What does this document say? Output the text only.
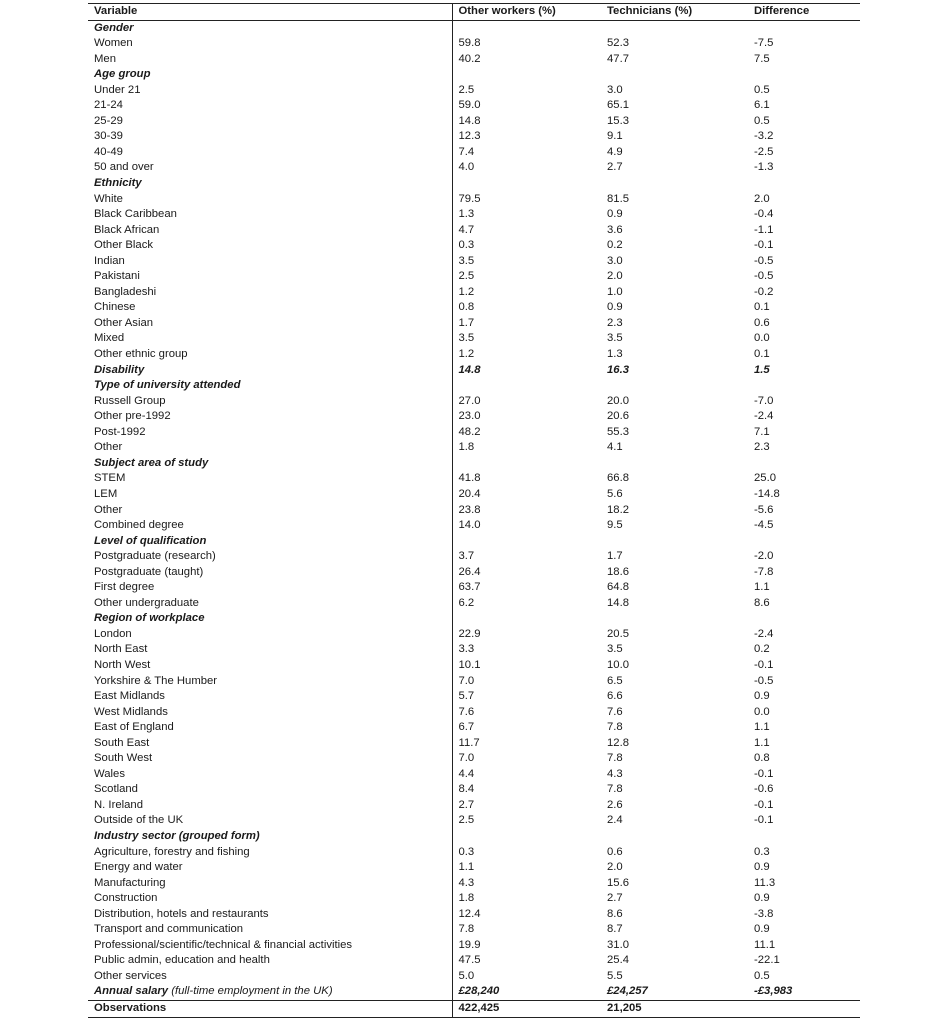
Variable	Other workers (%)	Technicians (%)	Difference
Gender			
Women	59.8	52.3	-7.5
Men	40.2	47.7	7.5
Age group			
Under 21	2.5	3.0	0.5
21-24	59.0	65.1	6.1
25-29	14.8	15.3	0.5
30-39	12.3	9.1	-3.2
40-49	7.4	4.9	-2.5
50 and over	4.0	2.7	-1.3
Ethnicity			
White	79.5	81.5	2.0
Black Caribbean	1.3	0.9	-0.4
Black African	4.7	3.6	-1.1
Other Black	0.3	0.2	-0.1
Indian	3.5	3.0	-0.5
Pakistani	2.5	2.0	-0.5
Bangladeshi	1.2	1.0	-0.2
Chinese	0.8	0.9	0.1
Other Asian	1.7	2.3	0.6
Mixed	3.5	3.5	0.0
Other ethnic group	1.2	1.3	0.1
Disability	14.8	16.3	1.5
Type of university attended			
Russell Group	27.0	20.0	-7.0
Other pre-1992	23.0	20.6	-2.4
Post-1992	48.2	55.3	7.1
Other	1.8	4.1	2.3
Subject area of study			
STEM	41.8	66.8	25.0
LEM	20.4	5.6	-14.8
Other	23.8	18.2	-5.6
Combined degree	14.0	9.5	-4.5
Level of qualification			
Postgraduate (research)	3.7	1.7	-2.0
Postgraduate (taught)	26.4	18.6	-7.8
First degree	63.7	64.8	1.1
Other undergraduate	6.2	14.8	8.6
Region of workplace			
London	22.9	20.5	-2.4
North East	3.3	3.5	0.2
North West	10.1	10.0	-0.1
Yorkshire & The Humber	7.0	6.5	-0.5
East Midlands	5.7	6.6	0.9
West Midlands	7.6	7.6	0.0
East of England	6.7	7.8	1.1
South East	11.7	12.8	1.1
South West	7.0	7.8	0.8
Wales	4.4	4.3	-0.1
Scotland	8.4	7.8	-0.6
N. Ireland	2.7	2.6	-0.1
Outside of the UK	2.5	2.4	-0.1
Industry sector (grouped form)			
Agriculture, forestry and fishing	0.3	0.6	0.3
Energy and water	1.1	2.0	0.9
Manufacturing	4.3	15.6	11.3
Construction	1.8	2.7	0.9
Distribution, hotels and restaurants	12.4	8.6	-3.8
Transport and communication	7.8	8.7	0.9
Professional/scientific/technical & financial activities	19.9	31.0	11.1
Public admin, education and health	47.5	25.4	-22.1
Other services	5.0	5.5	0.5
Annual salary (full-time employment in the UK)	£28,240	£24,257	-£3,983
Observations	422,425	21,205	
